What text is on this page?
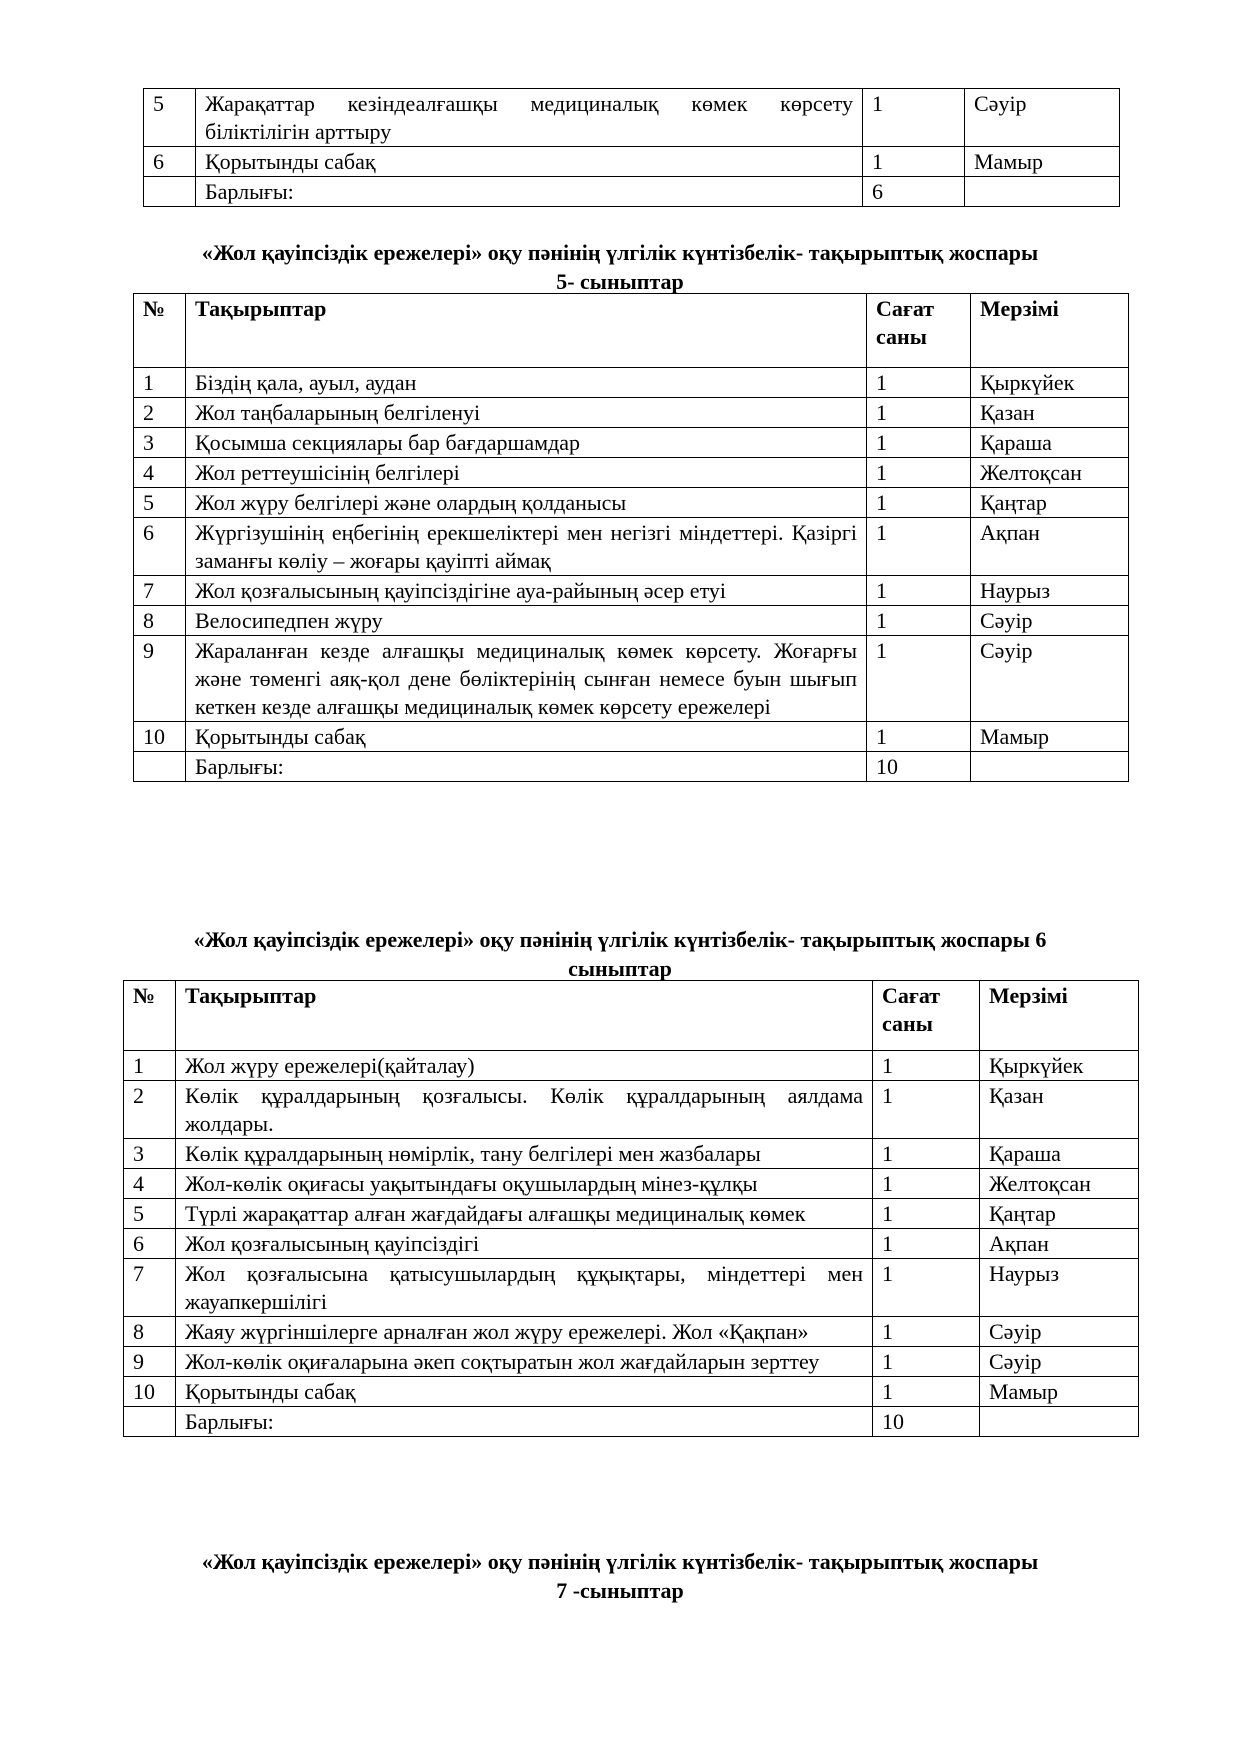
5	Жарақаттар кезіндеалғашқы медициналық көмек көрсету біліктілігін арттыру	1	Сәуір
6	Қорытынды сабақ	1	Мамыр
	Барлығы:	6	
«Жол қауіпсіздік ережелері» оқу пәнінің үлгілік күнтізбелік- тақырыптық жоспары
5- сыныптар
№	Тақырыптар	Сағат саны	Мерзімі
1	Біздің қала, ауыл, аудан	1	Қыркүйек
2	Жол таңбаларының белгіленуі	1	Қазан
3	Қосымша секциялары бар бағдаршамдар	1	Қараша
4	Жол реттеушісінің белгілері	1	Желтоқсан
5	Жол жүру белгілері және олардың қолданысы	1	Қаңтар
6	Жүргізушінің еңбегінің ерекшеліктері мен негізгі міндеттері. Қазіргі заманғы көліу – жоғары қауіпті аймақ	1	Ақпан
7	Жол қозғалысының қауіпсіздігіне ауа-райының әсер етуі	1	Наурыз
8	Велосипедпен жүру	1	Сәуір
9	Жараланған кезде алғашқы медициналық көмек көрсету. Жоғарғы және төменгі аяқ-қол дене бөліктерінің сынған немесе буын шығып кеткен кезде алғашқы медициналық көмек көрсету ережелері	1	Сәуір
10	Қорытынды сабақ	1	Мамыр
	Барлығы:	10	
«Жол қауіпсіздік ережелері» оқу пәнінің үлгілік күнтізбелік- тақырыптық жоспары 6
сыныптар
№	Тақырыптар	Сағат саны	Мерзімі
1	Жол жүру ережелері(қайталау)	1	Қыркүйек
2	Көлік құралдарының қозғалысы. Көлік құралдарының аялдама жолдары.	1	Қазан
3	Көлік құралдарының нөмірлік, тану белгілері мен жазбалары	1	Қараша
4	Жол-көлік оқиғасы уақытындағы оқушылардың мінез-құлқы	1	Желтоқсан
5	Түрлі жарақаттар алған жағдайдағы алғашқы медициналық көмек	1	Қаңтар
6	Жол қозғалысының қауіпсіздігі	1	Ақпан
7	Жол қозғалысына қатысушылардың құқықтары, міндеттері мен жауапкершілігі	1	Наурыз
8	Жаяу жүргіншілерге арналған жол жүру ережелері. Жол «Қақпан»	1	Сәуір
9	Жол-көлік оқиғаларына әкеп соқтыратын жол жағдайларын зерттеу	1	Сәуір
10	Қорытынды сабақ	1	Мамыр
	Барлығы:	10	
«Жол қауіпсіздік ережелері» оқу пәнінің үлгілік күнтізбелік- тақырыптық жоспары
7 -сыныптар
